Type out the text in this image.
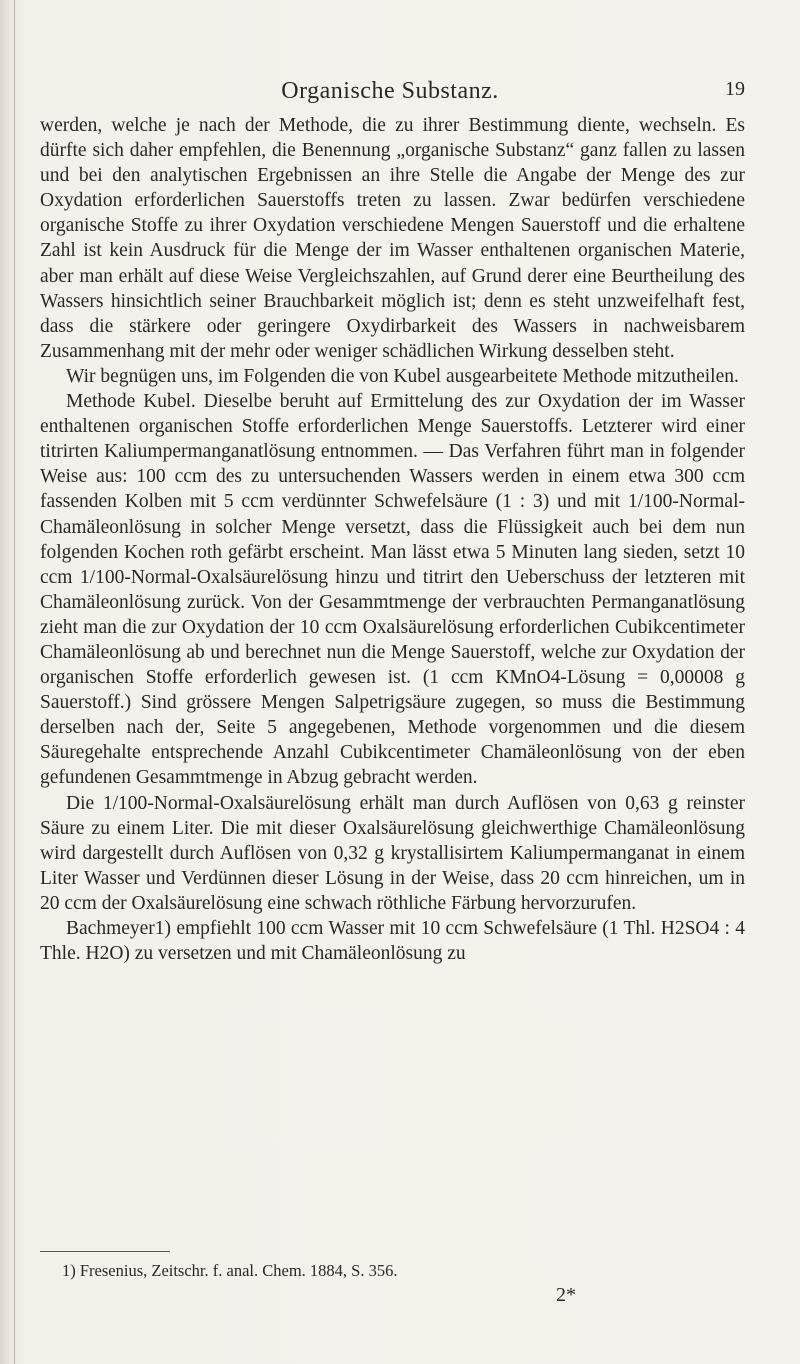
Organische Substanz.	19

werden, welche je nach der Methode, die zu ihrer Bestimmung diente, wechseln. Es dürfte sich daher empfehlen, die Benennung „organische Substanz“ ganz fallen zu lassen und bei den analytischen Ergebnissen an ihre Stelle die Angabe der Menge des zur Oxydation erforderlichen Sauerstoffs treten zu lassen. Zwar bedürfen verschiedene organische Stoffe zu ihrer Oxydation verschiedene Mengen Sauerstoff und die erhaltene Zahl ist kein Ausdruck für die Menge der im Wasser enthaltenen organischen Materie, aber man erhält auf diese Weise Vergleichszahlen, auf Grund derer eine Beurtheilung des Wassers hinsichtlich seiner Brauchbarkeit möglich ist; denn es steht unzweifelhaft fest, dass die stärkere oder geringere Oxydirbarkeit des Wassers in nachweisbarem Zusammenhang mit der mehr oder weniger schädlichen Wirkung desselben steht.

Wir begnügen uns, im Folgenden die von Kubel ausgearbeitete Methode mitzutheilen.

Methode Kubel. Dieselbe beruht auf Ermittelung des zur Oxydation der im Wasser enthaltenen organischen Stoffe erforderlichen Menge Sauerstoffs. Letzterer wird einer titrirten Kaliumpermanganatlösung entnommen. — Das Verfahren führt man in folgender Weise aus: 100 ccm des zu untersuchenden Wassers werden in einem etwa 300 ccm fassenden Kolben mit 5 ccm verdünnter Schwefelsäure (1 : 3) und mit 1/100-Normal-Chamäleonlösung in solcher Menge versetzt, dass die Flüssigkeit auch bei dem nun folgenden Kochen roth gefärbt erscheint. Man lässt etwa 5 Minuten lang sieden, setzt 10 ccm 1/100-Normal-Oxalsäurelösung hinzu und titrirt den Ueberschuss der letzteren mit Chamäleonlösung zurück. Von der Gesammtmenge der verbrauchten Permanganatlösung zieht man die zur Oxydation der 10 ccm Oxalsäurelösung erforderlichen Cubikcentimeter Chamäleonlösung ab und berechnet nun die Menge Sauerstoff, welche zur Oxydation der organischen Stoffe erforderlich gewesen ist. (1 ccm KMnO4-Lösung = 0,00008 g Sauerstoff.) Sind grössere Mengen Salpetrigsäure zugegen, so muss die Bestimmung derselben nach der, Seite 5 angegebenen, Methode vorgenommen und die diesem Säuregehalte entsprechende Anzahl Cubikcentimeter Chamäleonlösung von der eben gefundenen Gesammtmenge in Abzug gebracht werden.

Die 1/100-Normal-Oxalsäurelösung erhält man durch Auflösen von 0,63 g reinster Säure zu einem Liter. Die mit dieser Oxalsäurelösung gleichwerthige Chamäleonlösung wird dargestellt durch Auflösen von 0,32 g krystallisirtem Kaliumpermanganat in einem Liter Wasser und Verdünnen dieser Lösung in der Weise, dass 20 ccm hinreichen, um in 20 ccm der Oxalsäurelösung eine schwach röthliche Färbung hervorzurufen.

Bachmeyer1) empfiehlt 100 ccm Wasser mit 10 ccm Schwefelsäure (1 Thl. H2SO4 : 4 Thle. H2O) zu versetzen und mit Chamäleonlösung zu

1) Fresenius, Zeitschr. f. anal. Chem. 1884, S. 356.
2*
